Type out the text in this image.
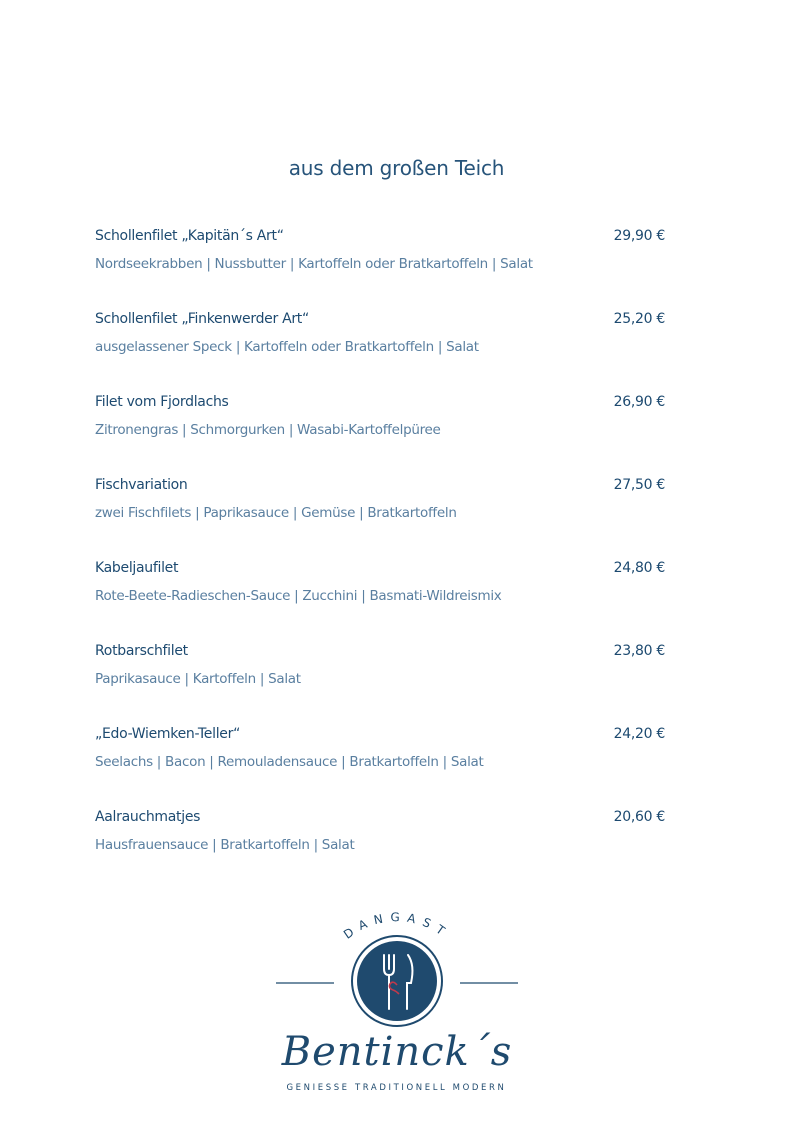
aus dem großen Teich
Schollenfilet „Kapitän´s Art“	29,90 €
Nordseekrabben | Nussbutter | Kartoffeln oder Bratkartoffeln | Salat
Schollenfilet „Finkenwerder Art“	25,20 €
ausgelassener Speck | Kartoffeln oder Bratkartoffeln | Salat
Filet vom Fjordlachs	26,90 €
Zitronengras | Schmorgurken | Wasabi-Kartoffelpüree
Fischvariation	27,50 €
zwei Fischfilets | Paprikasauce | Gemüse | Bratkartoffeln
Kabeljaufilet	24,80 €
Rote-Beete-Radieschen-Sauce | Zucchini | Basmati-Wildreismix
Rotbarschfilet	23,80 €
Paprikasauce | Kartoffeln | Salat
„Edo-Wiemken-Teller“	24,20 €
Seelachs | Bacon | Remouladensauce | Bratkartoffeln | Salat
Aalrauchmatjes	20,60 €
Hausfrauensauce | Bratkartoffeln | Salat
DANGAST
Bentinck´s
GENIESSE TRADITIONELL MODERN
